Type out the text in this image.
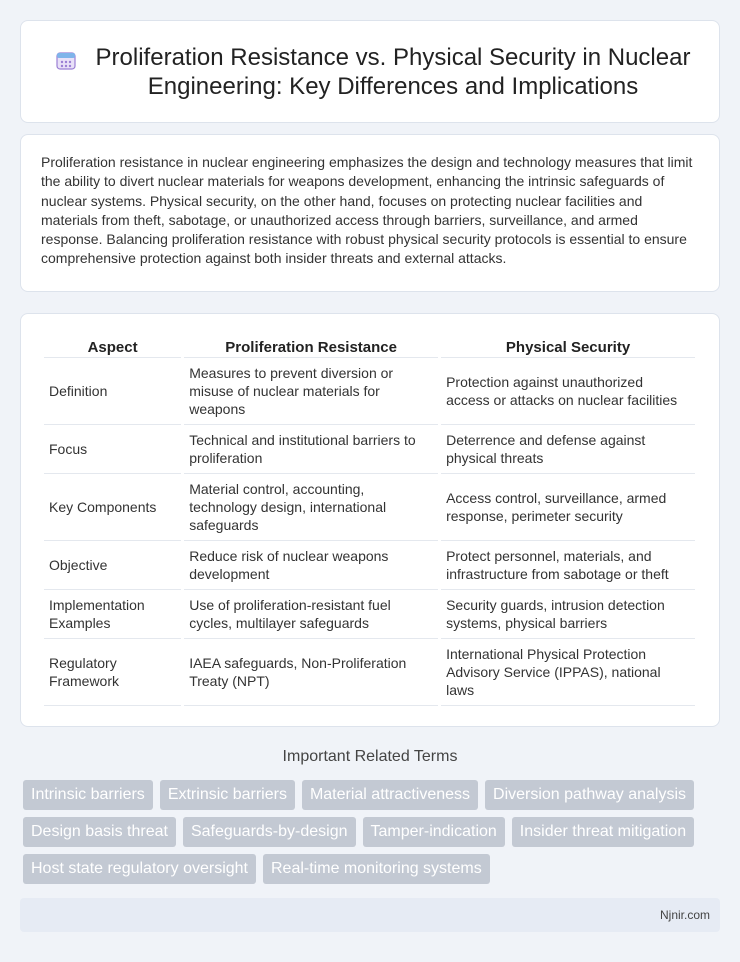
Proliferation Resistance vs. Physical Security in Nuclear Engineering: Key Differences and Implications

Proliferation resistance in nuclear engineering emphasizes the design and technology measures that limit the ability to divert nuclear materials for weapons development, enhancing the intrinsic safeguards of nuclear systems. Physical security, on the other hand, focuses on protecting nuclear facilities and materials from theft, sabotage, or unauthorized access through barriers, surveillance, and armed response. Balancing proliferation resistance with robust physical security protocols is essential to ensure comprehensive protection against both insider threats and external attacks.

Aspect	Proliferation Resistance	Physical Security
Definition	Measures to prevent diversion or misuse of nuclear materials for weapons	Protection against unauthorized access or attacks on nuclear facilities
Focus	Technical and institutional barriers to proliferation	Deterrence and defense against physical threats
Key Components	Material control, accounting, technology design, international safeguards	Access control, surveillance, armed response, perimeter security
Objective	Reduce risk of nuclear weapons development	Protect personnel, materials, and infrastructure from sabotage or theft
Implementation Examples	Use of proliferation-resistant fuel cycles, multilayer safeguards	Security guards, intrusion detection systems, physical barriers
Regulatory Framework	IAEA safeguards, Non-Proliferation Treaty (NPT)	International Physical Protection Advisory Service (IPPAS), national laws
Important Related Terms
Intrinsic barriers	Extrinsic barriers	Material attractiveness	Diversion pathway analysis
Design basis threat	Safeguards-by-design	Tamper-indication	Insider threat mitigation
Host state regulatory oversight	Real-time monitoring systems
Njnir.com
